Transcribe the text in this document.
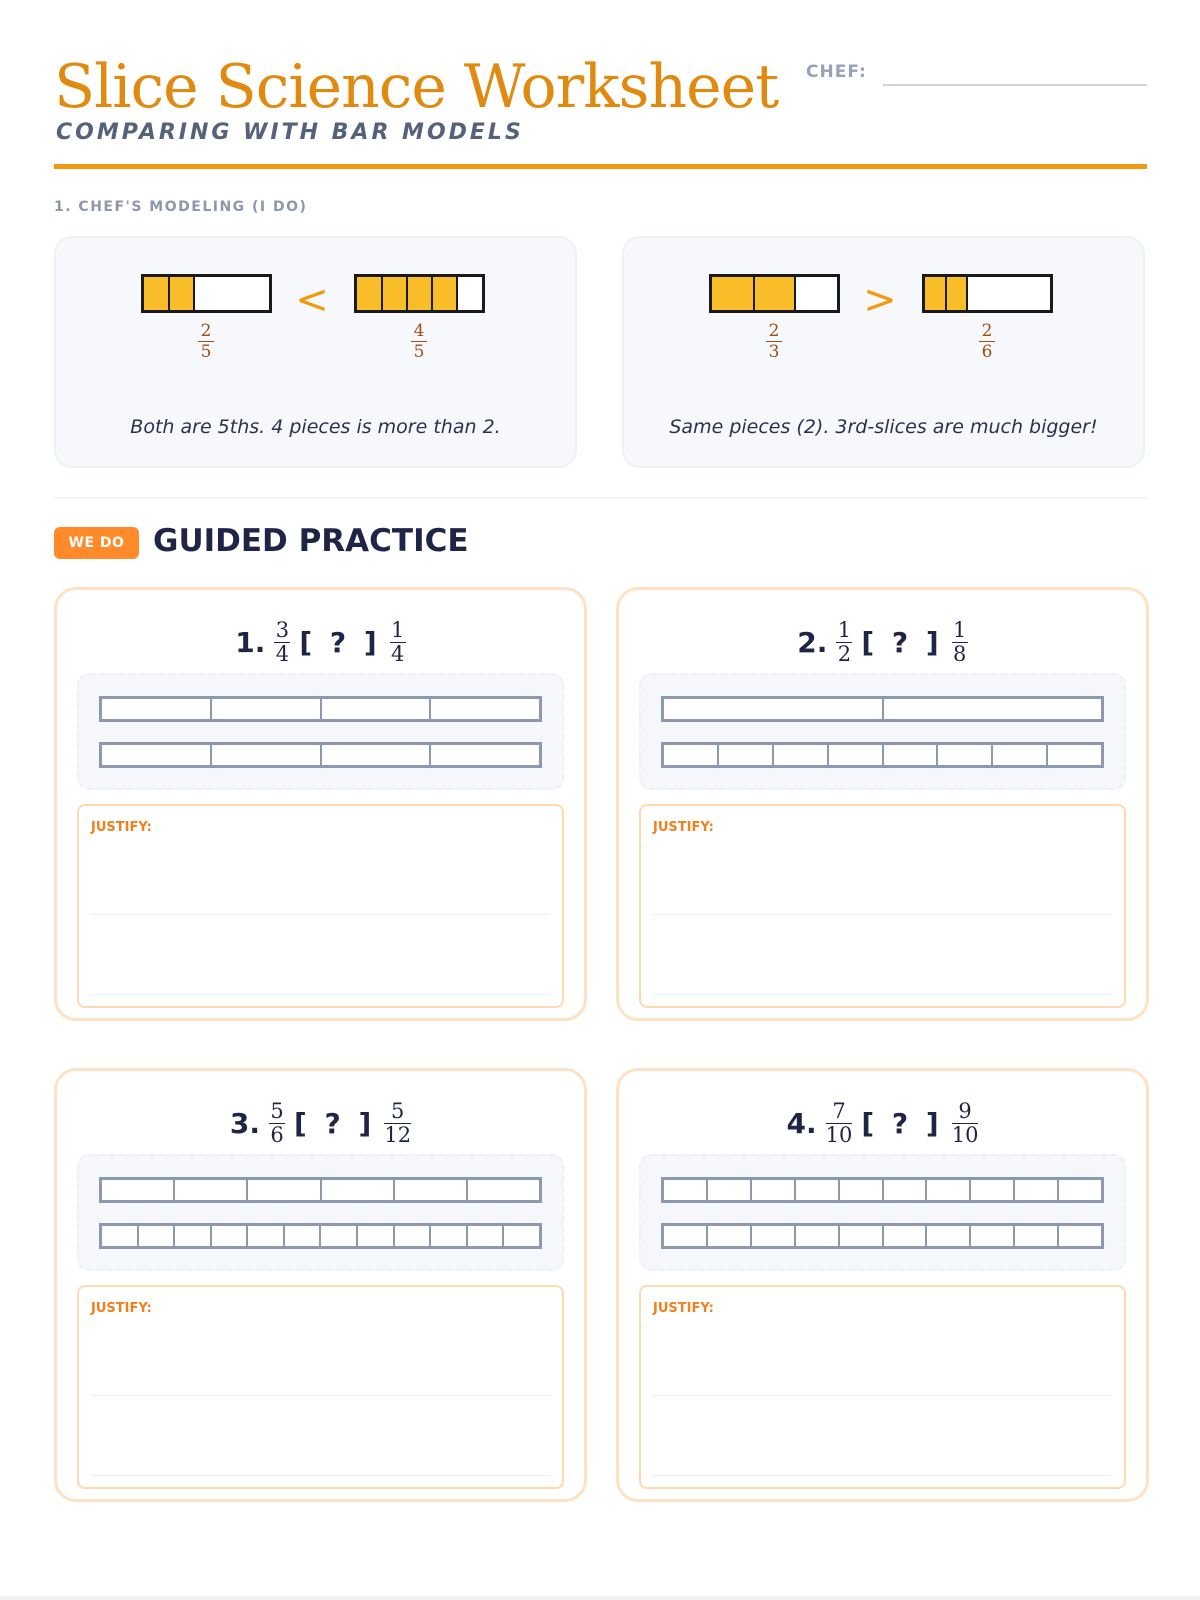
Slice Science Worksheet
COMPARING WITH BAR MODELS
CHEF:
1. CHEF'S MODELING (I DO)
2
5
<
4
5
Both are 5ths. 4 pieces is more than 2.
2
3
>
2
6
Same pieces (2). 3rd-slices are much bigger!
WE DO GUIDED PRACTICE
1. $\frac{3}{4}$ [ ? ] $\frac{1}{4}$
JUSTIFY:
2. $\frac{1}{2}$ [ ? ] $\frac{1}{8}$
JUSTIFY:
3. $\frac{5}{6}$ [ ? ] $\frac{5}{12}$
JUSTIFY:
4. $\frac{7}{10}$ [ ? ] $\frac{9}{10}$
JUSTIFY:
